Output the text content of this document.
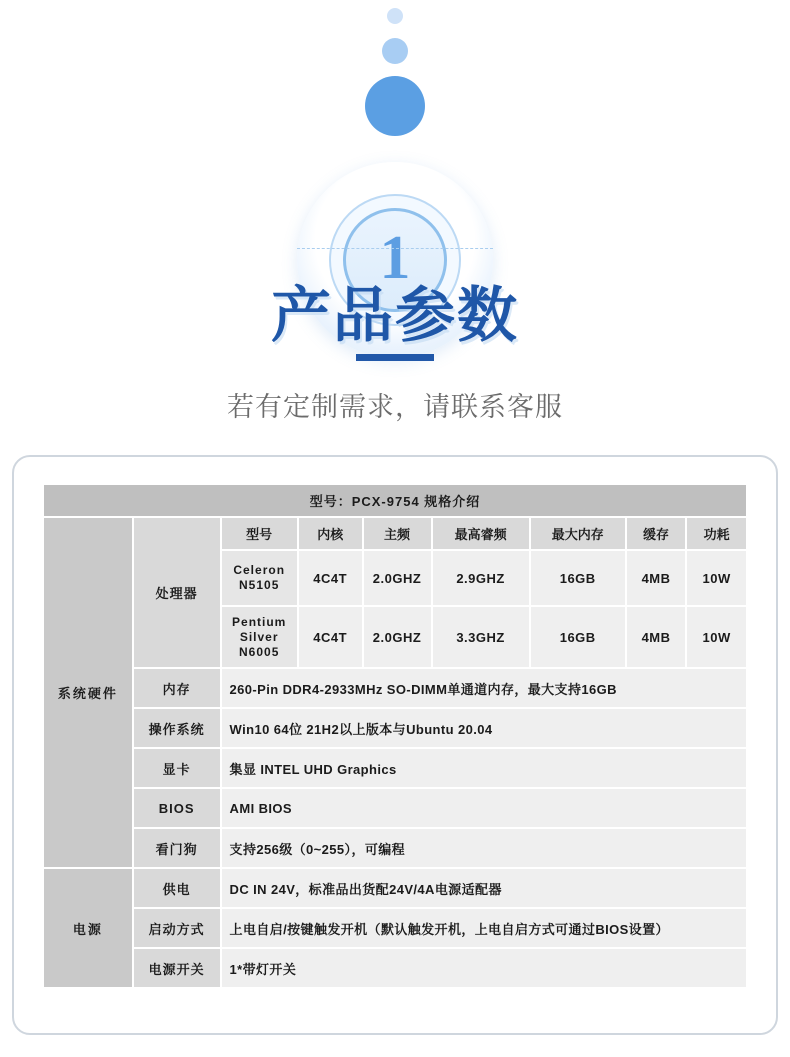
1
产品参数
若有定制需求，请联系客服
型号：PCX-9754 规格介绍								
系统硬件	处理器	型号	内核	主频	最高睿频	最大内存	缓存	功耗
		Celeron N5105	4C4T	2.0GHZ	2.9GHZ	16GB	4MB	10W
		Pentium Silver N6005	4C4T	2.0GHZ	3.3GHZ	16GB	4MB	10W
	内存	260-Pin DDR4-2933MHz SO-DIMM单通道内存，最大支持16GB						
	操作系统	Win10 64位 21H2以上版本与Ubuntu 20.04						
	显卡	集显 INTEL UHD Graphics						
	BIOS	AMI BIOS						
	看门狗	支持256级（0~255），可编程						
电源	供电	DC IN 24V，标准品出货配24V/4A电源适配器						
	启动方式	上电自启/按键触发开机（默认触发开机，上电自启方式可通过BIOS设置）						
	电源开关	1*带灯开关						
